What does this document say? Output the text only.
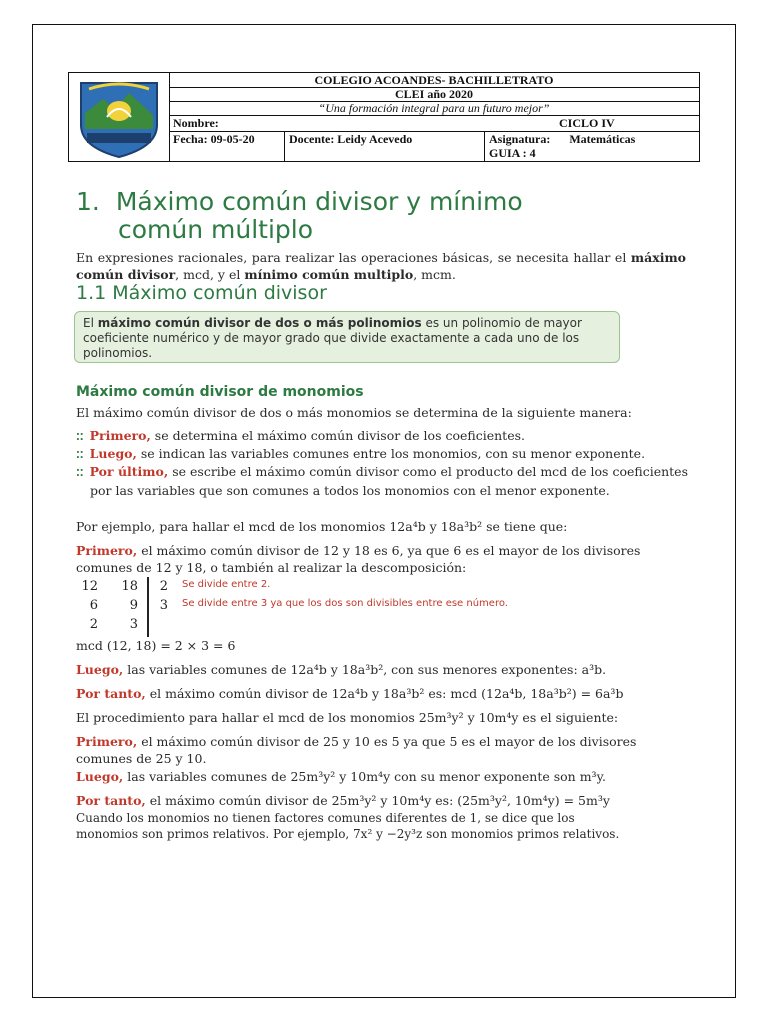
COLEGIO ACOANDES- BACHILLETRATO
CLEI año 2020
“Una formación integral para un futuro mejor”
Nombre:	CICLO IV
Fecha: 09-05-20	Docente: Leidy Acevedo	Asignatura: Matemáticas
GUIA : 4
1. Máximo común divisor y mínimo
común múltiplo
En expresiones racionales, para realizar las operaciones básicas, se necesita hallar el máximo común divisor, mcd, y el mínimo común multiplo, mcm.
1.1 Máximo común divisor
El máximo común divisor de dos o más polinomios es un polinomio de mayor coeficiente numérico y de mayor grado que divide exactamente a cada uno de los polinomios.
Máximo común divisor de monomios
El máximo común divisor de dos o más monomios se determina de la siguiente manera:
⁚⁚ Primero, se determina el máximo común divisor de los coeficientes.
⁚⁚ Luego, se indican las variables comunes entre los monomios, con su menor exponente.
⁚⁚ Por último, se escribe el máximo común divisor como el producto del mcd de los coeficientes por las variables que son comunes a todos los monomios con el menor exponente.
Por ejemplo, para hallar el mcd de los monomios 12a⁴b y 18a³b² se tiene que:
Primero, el máximo común divisor de 12 y 18 es 6, ya que 6 es el mayor de los divisores comunes de 12 y 18, o también al realizar la descomposición:
12	18	2 Se divide entre 2.
6	9	3 Se divide entre 3 ya que los dos son divisibles entre ese número.
2	3
mcd (12, 18) = 2 × 3 = 6
Luego, las variables comunes de 12a⁴b y 18a³b², con sus menores exponentes: a³b.
Por tanto, el máximo común divisor de 12a⁴b y 18a³b² es: mcd (12a⁴b, 18a³b²) = 6a³b
El procedimiento para hallar el mcd de los monomios 25m³y² y 10m⁴y es el siguiente:
Primero, el máximo común divisor de 25 y 10 es 5 ya que 5 es el mayor de los divisores comunes de 25 y 10.
Luego, las variables comunes de 25m³y² y 10m⁴y con su menor exponente son m³y.
Por tanto, el máximo común divisor de 25m³y² y 10m⁴y es: (25m³y², 10m⁴y) = 5m³y
Cuando los monomios no tienen factores comunes diferentes de 1, se dice que los monomios son primos relativos. Por ejemplo, 7x² y −2y³z son monomios primos relativos.
